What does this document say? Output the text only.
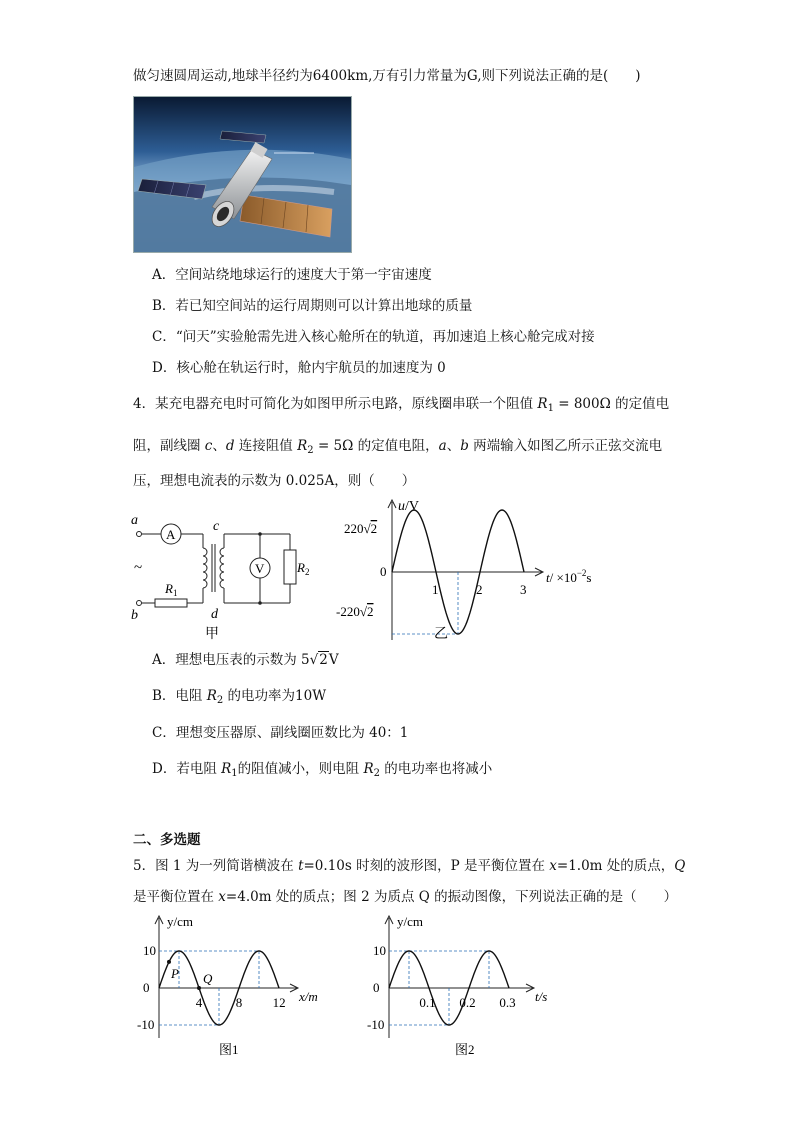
做匀速圆周运动,地球半径约为6400km,万有引力常量为G,则下列说法正确的是(　　)
A．空间站绕地球运行的速度大于第一宇宙速度
B．若已知空间站的运行周期则可以计算出地球的质量
C．“问天”实验舱需先进入核心舱所在的轨道，再加速追上核心舱完成对接
D．核心舱在轨运行时，舱内宇航员的加速度为 0
4．某充电器充电时可简化为如图甲所示电路，原线圈串联一个阻值 $R_1 = 800\Omega$ 的定值电
阻，副线圈 c、d 连接阻值 $R_2 = 5\Omega$ 的定值电阻，a、b 两端输入如图乙所示正弦交流电
压，理想电流表的示数为 0.025A，则（　　）
a
b
~
A
V
c
d
$R_1$
$R_2$
甲
u/V
220√2
-220√2
0
1	2	3
$t/ \times 10^{-2}s$
乙
A．理想电压表的示数为 5√2V
B．电阻 $R_2$ 的电功率为10W
C．理想变压器原、副线圈匝数比为 40：1
D．若电阻 $R_1$的阻值减小，则电阻 $R_2$ 的电功率也将减小
二、多选题
5．图 1 为一列简谐横波在 t=0.10s 时刻的波形图，P 是平衡位置在 x=1.0m 处的质点，Q
是平衡位置在 x=4.0m 处的质点；图 2 为质点 Q 的振动图像，下列说法正确的是（　　）
P Q
y/cm
10
0
-10
4	8 12 x/m
图1
y/cm
10
0
-10
0.1 0.2 0.3 t/s
图2
